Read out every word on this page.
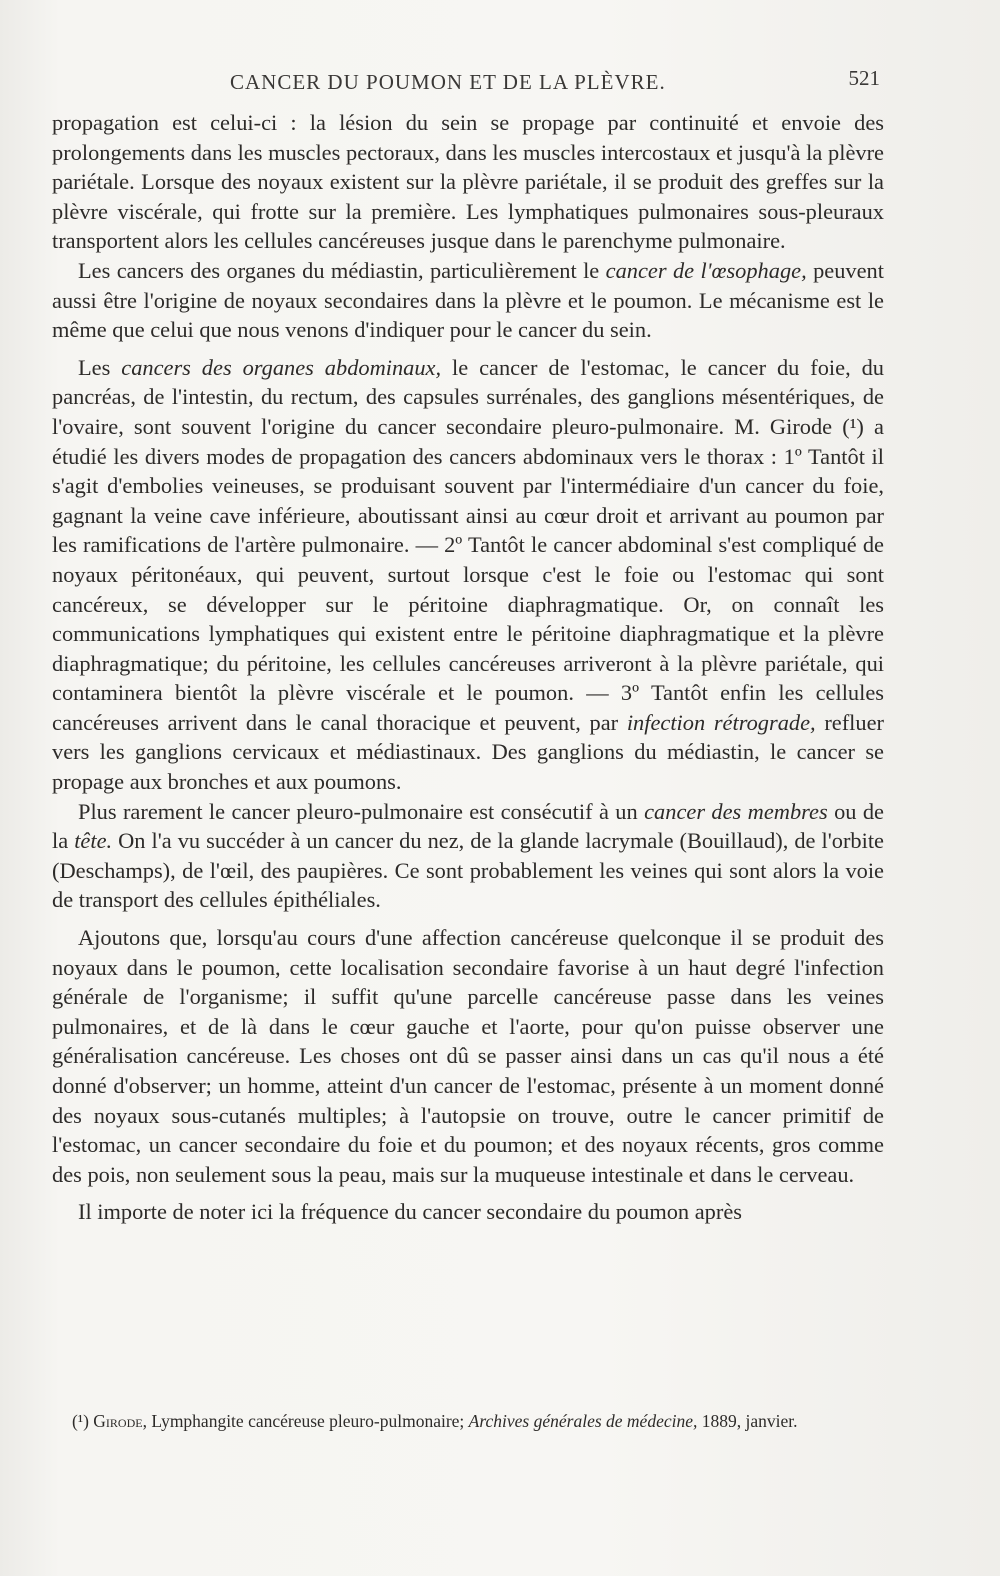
CANCER DU POUMON ET DE LA PLÈVRE.	521

propagation est celui-ci : la lésion du sein se propage par continuité et envoie des prolongements dans les muscles pectoraux, dans les muscles intercostaux et jusqu'à la plèvre pariétale. Lorsque des noyaux existent sur la plèvre pariétale, il se produit des greffes sur la plèvre viscérale, qui frotte sur la première. Les lymphatiques pulmonaires sous-pleuraux transportent alors les cellules cancéreuses jusque dans le parenchyme pulmonaire.

Les cancers des organes du médiastin, particulièrement le cancer de l'œsophage, peuvent aussi être l'origine de noyaux secondaires dans la plèvre et le poumon. Le mécanisme est le même que celui que nous venons d'indiquer pour le cancer du sein.

Les cancers des organes abdominaux, le cancer de l'estomac, le cancer du foie, du pancréas, de l'intestin, du rectum, des capsules surrénales, des ganglions mésentériques, de l'ovaire, sont souvent l'origine du cancer secondaire pleuro-pulmonaire. M. Girode (¹) a étudié les divers modes de propagation des cancers abdominaux vers le thorax : 1º Tantôt il s'agit d'embolies veineuses, se produisant souvent par l'intermédiaire d'un cancer du foie, gagnant la veine cave inférieure, aboutissant ainsi au cœur droit et arrivant au poumon par les ramifications de l'artère pulmonaire. — 2º Tantôt le cancer abdominal s'est compliqué de noyaux péritonéaux, qui peuvent, surtout lorsque c'est le foie ou l'estomac qui sont cancéreux, se développer sur le péritoine diaphragmatique. Or, on connaît les communications lymphatiques qui existent entre le péritoine diaphragmatique et la plèvre diaphragmatique; du péritoine, les cellules cancéreuses arriveront à la plèvre pariétale, qui contaminera bientôt la plèvre viscérale et le poumon. — 3º Tantôt enfin les cellules cancéreuses arrivent dans le canal thoracique et peuvent, par infection rétrograde, refluer vers les ganglions cervicaux et médiastinaux. Des ganglions du médiastin, le cancer se propage aux bronches et aux poumons.

Plus rarement le cancer pleuro-pulmonaire est consécutif à un cancer des membres ou de la tête. On l'a vu succéder à un cancer du nez, de la glande lacrymale (Bouillaud), de l'orbite (Deschamps), de l'œil, des paupières. Ce sont probablement les veines qui sont alors la voie de transport des cellules épithéliales.

Ajoutons que, lorsqu'au cours d'une affection cancéreuse quelconque il se produit des noyaux dans le poumon, cette localisation secondaire favorise à un haut degré l'infection générale de l'organisme; il suffit qu'une parcelle cancéreuse passe dans les veines pulmonaires, et de là dans le cœur gauche et l'aorte, pour qu'on puisse observer une généralisation cancéreuse. Les choses ont dû se passer ainsi dans un cas qu'il nous a été donné d'observer; un homme, atteint d'un cancer de l'estomac, présente à un moment donné des noyaux sous-cutanés multiples; à l'autopsie on trouve, outre le cancer primitif de l'estomac, un cancer secondaire du foie et du poumon; et des noyaux récents, gros comme des pois, non seulement sous la peau, mais sur la muqueuse intestinale et dans le cerveau.

Il importe de noter ici la fréquence du cancer secondaire du poumon après

(¹) Girode, Lymphangite cancéreuse pleuro-pulmonaire; Archives générales de médecine, 1889, janvier.
